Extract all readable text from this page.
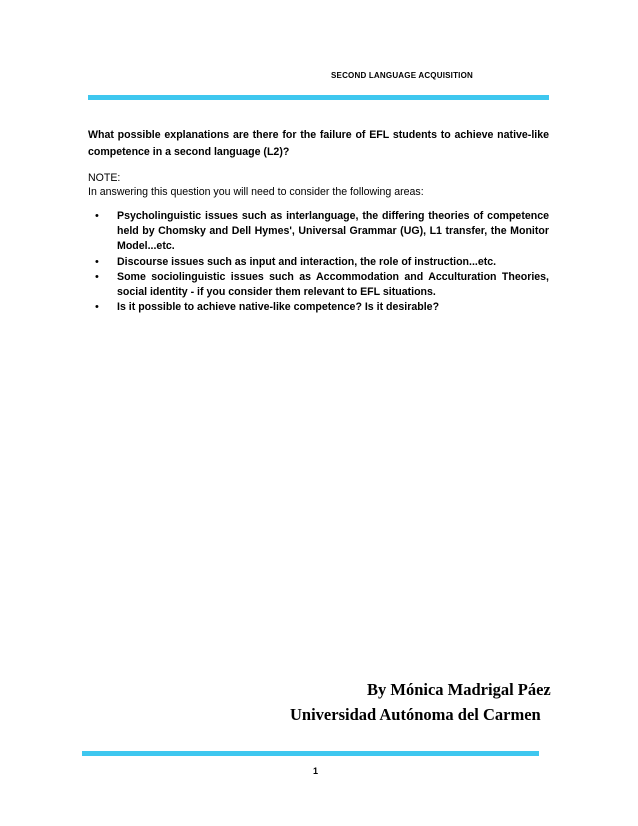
SECOND LANGUAGE ACQUISITION
What possible explanations are there for the failure of EFL students to achieve native-like competence in a second language (L2)?
NOTE:
In answering this question you will need to consider the following areas:
• Psycholinguistic issues such as interlanguage, the differing theories of competence held by Chomsky and Dell Hymes', Universal Grammar (UG), L1 transfer, the Monitor Model...etc.
• Discourse issues such as input and interaction, the role of instruction...etc.
• Some sociolinguistic issues such as Accommodation and Acculturation Theories, social identity - if you consider them relevant to EFL situations.
• Is it possible to achieve native-like competence? Is it desirable?
By Mónica Madrigal Páez
Universidad Autónoma del Carmen
1
